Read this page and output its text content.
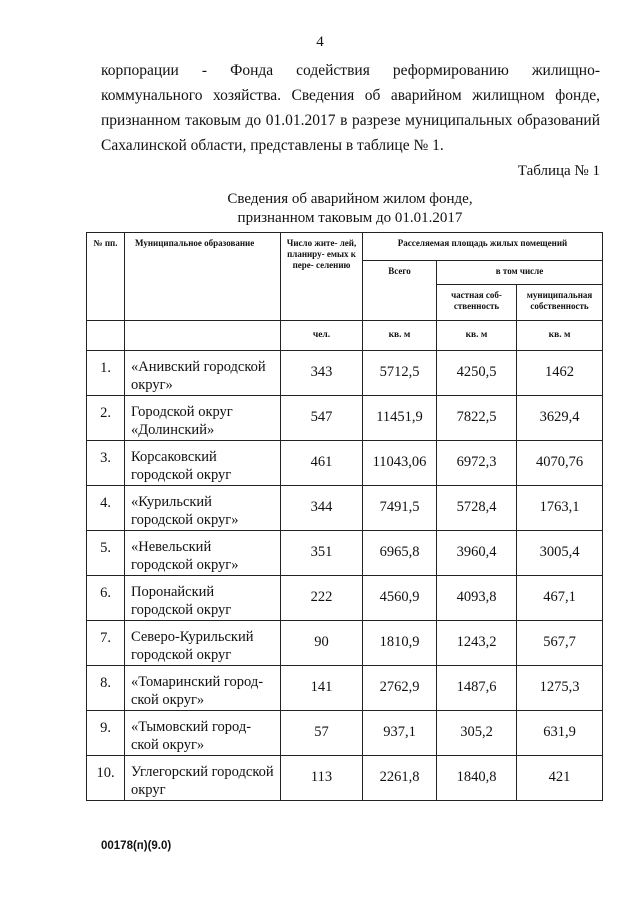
4

корпорации - Фонда содействия реформированию жилищно-коммунального хозяйства. Сведения об аварийном жилищном фонде, признанном таковым до 01.01.2017 в разрезе муниципальных образований Сахалинской области, представлены в таблице № 1.

Таблица № 1
Сведения об аварийном жилом фонде,
признанном таковым до 01.01.2017
№ пп.	Муниципальное образование	Число жите- лей, планиру- емых к пере- селению	Расселяемая площадь жилых помещений		
			Всего	в том числе	
				частная соб- ственность	муниципальная собственность
		чел.	кв. м	кв. м	кв. м
1.	«Анивский городской округ»	343	5712,5	4250,5	1462
2.	Городской округ «Долинский»	547	11451,9	7822,5	3629,4
3.	Корсаковский городской округ	461	11043,06	6972,3	4070,76
4.	«Курильский городской округ»	344	7491,5	5728,4	1763,1
5.	«Невельский городской округ»	351	6965,8	3960,4	3005,4
6.	Поронайский городской округ	222	4560,9	4093,8	467,1
7.	Северо-Курильский городской округ	90	1810,9	1243,2	567,7
8.	«Томаринский город- ской округ»	141	2762,9	1487,6	1275,3
9.	«Тымовский город- ской округ»	57	937,1	305,2	631,9
10.	Углегорский городской округ	113	2261,8	1840,8	421
00178(п)(9.0)
